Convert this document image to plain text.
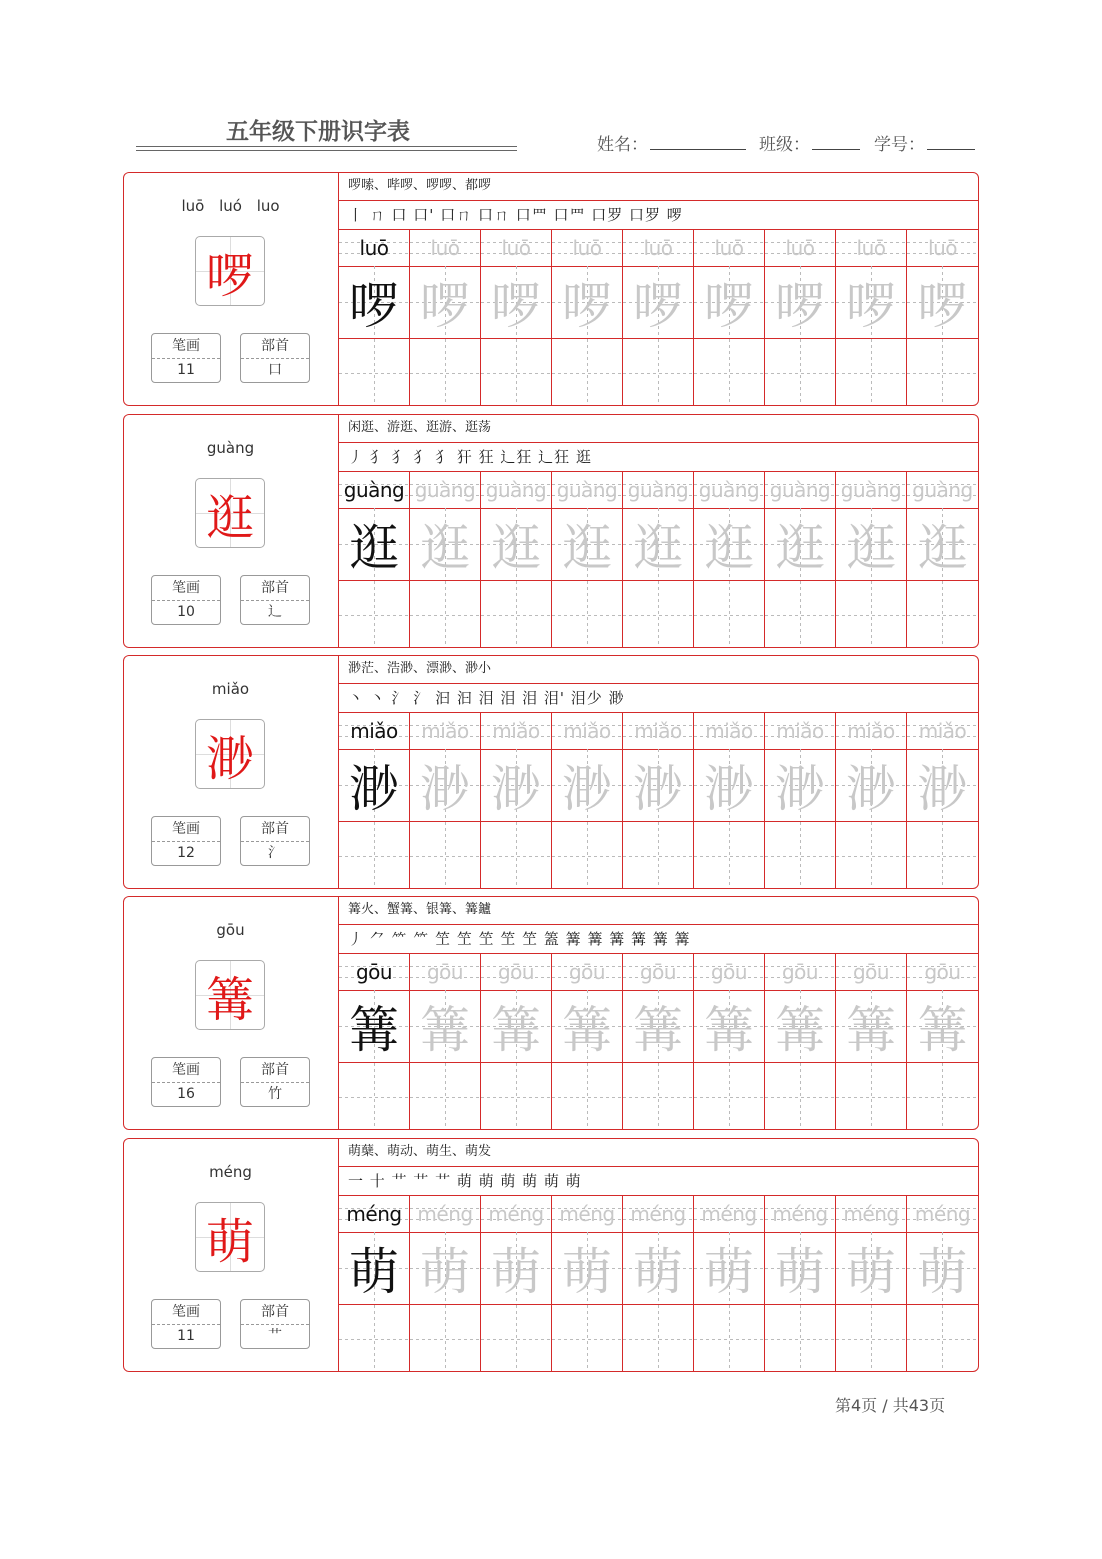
五年级下册识字表	姓名：	班级：	学号：
luō luó luo
啰
笔画
11
部首
口
啰嗦、哔啰、啰啰、都啰
丨 ㄇ 口 口' 口ㄇ 口ㄇ 口罒 口罒 口罗 口罗 啰
luō	luō	luō	luō	luō	luō	luō	luō	luō
啰 啰 啰 啰 啰 啰 啰 啰 啰
guàng
逛
笔画
10
部首
辶
闲逛、游逛、逛游、逛荡
丿 犭 犭 犭 犭 犴 狂 辶狂 辶狂 逛
guàng guàng guàng guàng guàng guàng guàng guàng guàng
逛 逛 逛 逛 逛 逛 逛 逛 逛
miǎo
渺
笔画
12
部首
氵
渺茫、浩渺、漂渺、渺小
丶 丶 氵 氵 汩 汩 泪 泪 泪 泪' 泪少 渺
miǎo	miǎo	miǎo	miǎo	miǎo	miǎo	miǎo	miǎo	miǎo
渺 渺 渺 渺 渺 渺 渺 渺 渺
gōu
篝
笔画
16
部首
竹
篝火、蟹篝、银篝、篝鑪
丿 ⺈ ⺮ ⺮ 笁 笁 笁 笁 笁 篕 篝 篝 篝 篝 篝 篝
gōu	gōu	gōu	gōu	gōu	gōu	gōu	gōu	gōu
篝 篝 篝 篝 篝 篝 篝 篝 篝
méng
萌
笔画
11
部首
艹
萌蘖、萌动、萌生、萌发
一 十 艹 艹 艹 萌 萌 萌 萌 萌 萌
méng méng méng méng méng méng méng méng méng
萌 萌 萌 萌 萌 萌 萌 萌 萌
第4页 / 共43页
